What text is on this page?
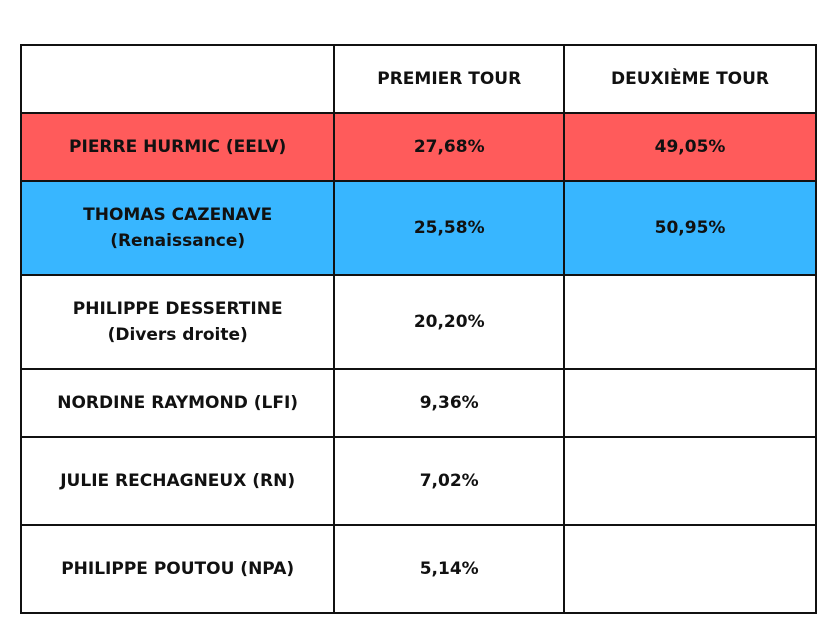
	PREMIER TOUR	DEUXIÈME TOUR

PIERRE HURMIC (EELV)	27,68%	49,05%

THOMAS CAZENAVE
(Renaissance)	25,58%	50,95%

PHILIPPE DESSERTINE
(Divers droite)	20,20%	

NORDINE RAYMOND (LFI)	9,36%	

JULIE RECHAGNEUX (RN)	7,02%	

PHILIPPE POUTOU (NPA)	5,14%	
